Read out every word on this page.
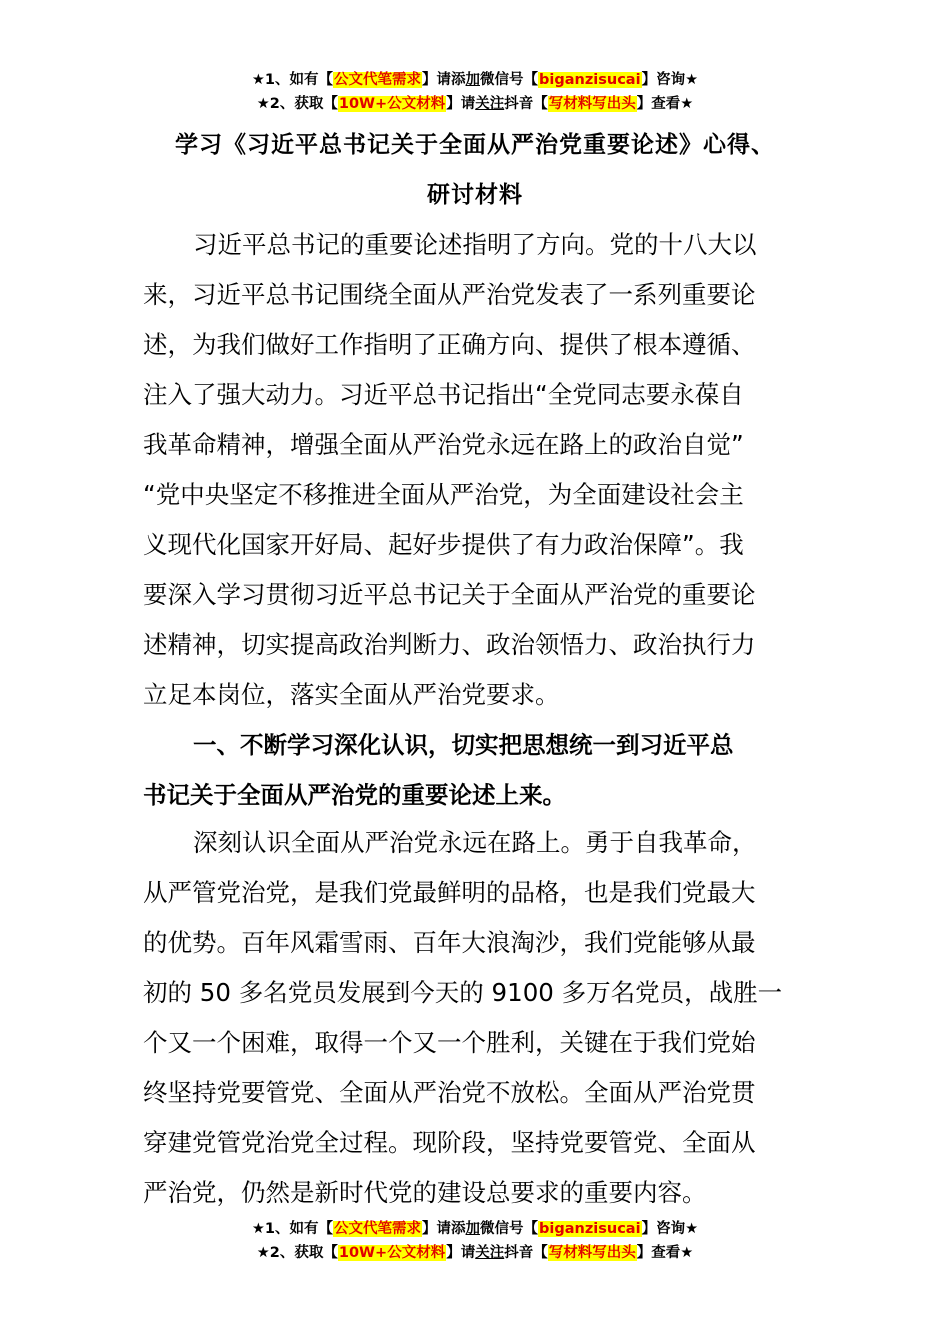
★1、如有【公文代笔需求】请添加微信号【biganzisucai】咨询★
★2、获取【10W+公文材料】请关注抖音【写材料写出头】查看★
学习《习近平总书记关于全面从严治党重要论述》心得、
研讨材料
习近平总书记的重要论述指明了方向。党的十八大以
来，习近平总书记围绕全面从严治党发表了一系列重要论
述，为我们做好工作指明了正确方向、提供了根本遵循、
注入了强大动力。习近平总书记指出“全党同志要永葆自
我革命精神，增强全面从严治党永远在路上的政治自觉”
“党中央坚定不移推进全面从严治党，为全面建设社会主
义现代化国家开好局、起好步提供了有力政治保障”。我
要深入学习贯彻习近平总书记关于全面从严治党的重要论
述精神，切实提高政治判断力、政治领悟力、政治执行力
立足本岗位，落实全面从严治党要求。
一、不断学习深化认识，切实把思想统一到习近平总
书记关于全面从严治党的重要论述上来。
深刻认识全面从严治党永远在路上。勇于自我革命，
从严管党治党，是我们党最鲜明的品格，也是我们党最大
的优势。百年风霜雪雨、百年大浪淘沙，我们党能够从最
初的 50 多名党员发展到今天的 9100 多万名党员，战胜一
个又一个困难，取得一个又一个胜利，关键在于我们党始
终坚持党要管党、全面从严治党不放松。全面从严治党贯
穿建党管党治党全过程。现阶段，坚持党要管党、全面从
严治党，仍然是新时代党的建设总要求的重要内容。
★1、如有【公文代笔需求】请添加微信号【biganzisucai】咨询★
★2、获取【10W+公文材料】请关注抖音【写材料写出头】查看★
